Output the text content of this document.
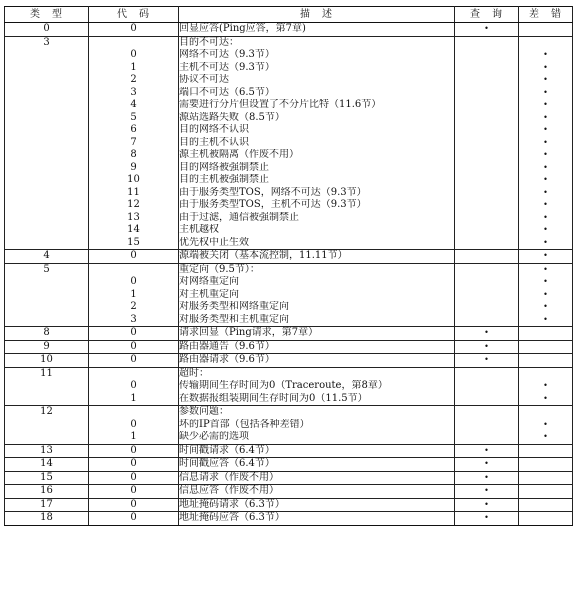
类　型	代　码	描　述	查　询	差　错
0	0	回显应答(Ping应答，第7章)	•	
3		目的不可达：		
	0	网络不可达（9.3节）		•
	1	主机不可达（9.3节）		•
	2	协议不可达		•
	3	端口不可达（6.5节）		•
	4	需要进行分片但设置了不分片比特（11.6节）		•
	5	源站选路失败（8.5节）		•
	6	目的网络不认识		•
	7	目的主机不认识		•
	8	源主机被隔离（作废不用）		•
	9	目的网络被强制禁止		•
	10	目的主机被强制禁止		•
	11	由于服务类型TOS，网络不可达（9.3节）		•
	12	由于服务类型TOS，主机不可达（9.3节）		•
	13	由于过滤，通信被强制禁止		•
	14	主机越权		•
	15	优先权中止生效		•
4	0	源端被关闭（基本流控制，11.11节）		•
5		重定向（9.5节）：		•
	0	对网络重定向		•
	1	对主机重定向		•
	2	对服务类型和网络重定向		•
	3	对服务类型和主机重定向		•
8	0	请求回显（Ping请求，第7章）	•	
9	0	路由器通告（9.6节）	•	
10	0	路由器请求（9.6节）	•	
11		超时：		
	0	传输期间生存时间为0（Traceroute，第8章）		•
	1	在数据报组装期间生存时间为0（11.5节）		•
12		参数问题：		
	0	坏的IP首部（包括各种差错）		•
	1	缺少必需的选项		•
13	0	时间戳请求（6.4节）	•	
14	0	时间戳应答（6.4节）	•	
15	0	信息请求（作废不用）	•	
16	0	信息应答（作废不用）	•	
17	0	地址掩码请求（6.3节）	•	
18	0	地址掩码应答（6.3节）	•	
